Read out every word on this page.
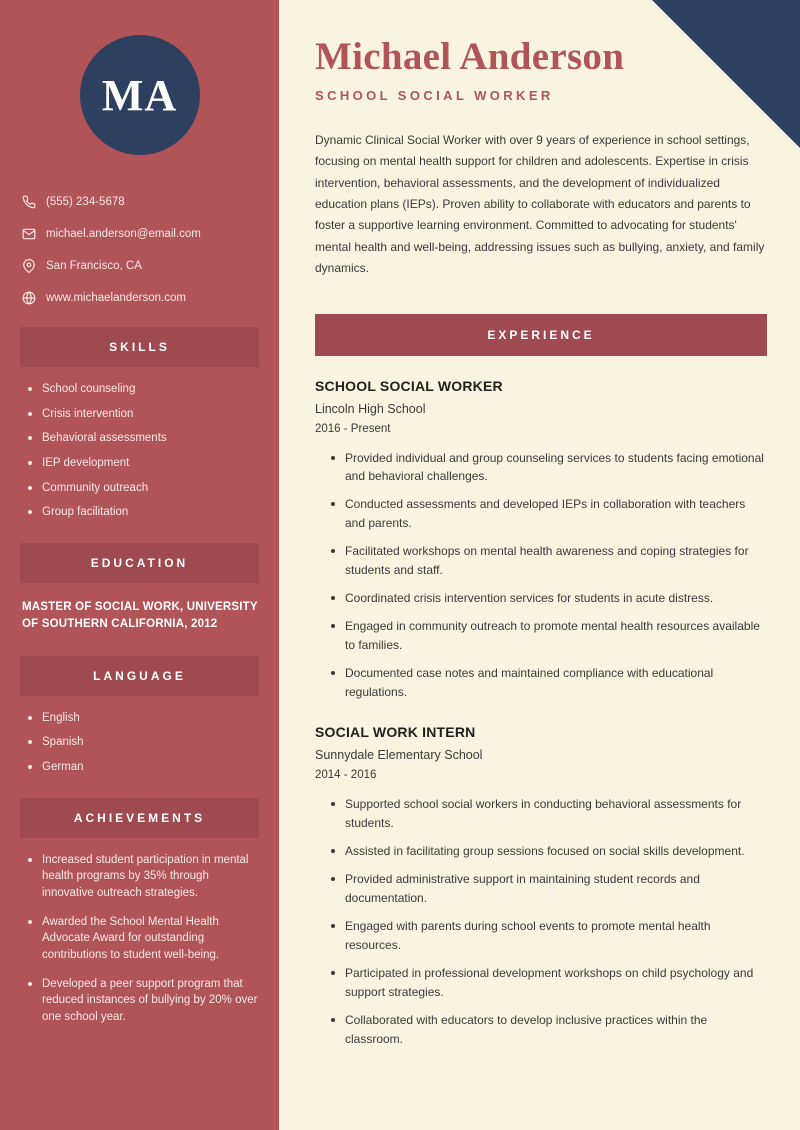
MA
(555) 234-5678
michael.anderson@email.com
San Francisco, CA
www.michaelanderson.com
SKILLS
School counseling
Crisis intervention
Behavioral assessments
IEP development
Community outreach
Group facilitation
EDUCATION
MASTER OF SOCIAL WORK, UNIVERSITY OF SOUTHERN CALIFORNIA, 2012
LANGUAGE
English
Spanish
German
ACHIEVEMENTS
Increased student participation in mental health programs by 35% through innovative outreach strategies.
Awarded the School Mental Health Advocate Award for outstanding contributions to student well-being.
Developed a peer support program that reduced instances of bullying by 20% over one school year.
Michael Anderson
SCHOOL SOCIAL WORKER

Dynamic Clinical Social Worker with over 9 years of experience in school settings, focusing on mental health support for children and adolescents. Expertise in crisis intervention, behavioral assessments, and the development of individualized education plans (IEPs). Proven ability to collaborate with educators and parents to foster a supportive learning environment. Committed to advocating for students' mental health and well-being, addressing issues such as bullying, anxiety, and family dynamics.

EXPERIENCE
SCHOOL SOCIAL WORKER
Lincoln High School
2016 - Present
Provided individual and group counseling services to students facing emotional and behavioral challenges.
Conducted assessments and developed IEPs in collaboration with teachers and parents.
Facilitated workshops on mental health awareness and coping strategies for students and staff.
Coordinated crisis intervention services for students in acute distress.
Engaged in community outreach to promote mental health resources available to families.
Documented case notes and maintained compliance with educational regulations.
SOCIAL WORK INTERN
Sunnydale Elementary School
2014 - 2016
Supported school social workers in conducting behavioral assessments for students.
Assisted in facilitating group sessions focused on social skills development.
Provided administrative support in maintaining student records and documentation.
Engaged with parents during school events to promote mental health resources.
Participated in professional development workshops on child psychology and support strategies.
Collaborated with educators to develop inclusive practices within the classroom.
